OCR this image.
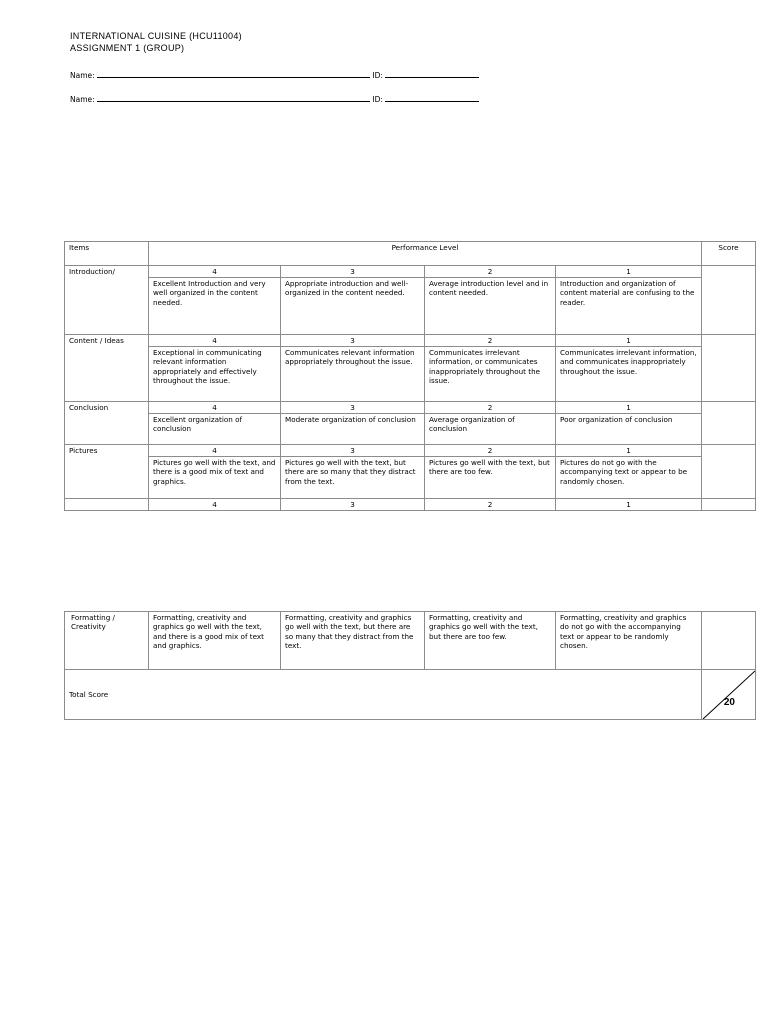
INTERNATIONAL CUISINE (HCU11004)
ASSIGNMENT 1 (GROUP)
Name:	ID:
Name:	ID:
Items	Performance Level				Score
Introduction/	4	3	2	1	
	Excellent Introduction and very well organized in the content needed.	Appropriate introduction and well-organized in the content needed.	Average introduction level and in content needed.	Introduction and organization of content material are confusing to the reader.	
Content / Ideas	4	3	2	1	
	Exceptional in communicating relevant information appropriately and effectively throughout the issue.	Communicates relevant information appropriately throughout the issue.	Communicates irrelevant information, or communicates inappropriately throughout the issue.	Communicates irrelevant information, and communicates inappropriately throughout the issue.	
Conclusion	4	3	2	1	
	Excellent organization of conclusion	Moderate organization of conclusion	Average organization of conclusion	Poor organization of conclusion	
Pictures	4	3	2	1	
	Pictures go well with the text, and there is a good mix of text and graphics.	Pictures go well with the text, but there are so many that they distract from the text.	Pictures go well with the text, but there are too few.	Pictures do not go with the accompanying text or appear to be randomly chosen.	
	4	3	2	1	
Formatting / Creativity	Formatting, creativity and graphics go well with the text, and there is a good mix of text and graphics.	Formatting, creativity and graphics go well with the text, but there are so many that they distract from the text.	Formatting, creativity and graphics go well with the text, but there are too few.	Formatting, creativity and graphics do not go with the accompanying text or appear to be randomly chosen.	
Total Score					20
